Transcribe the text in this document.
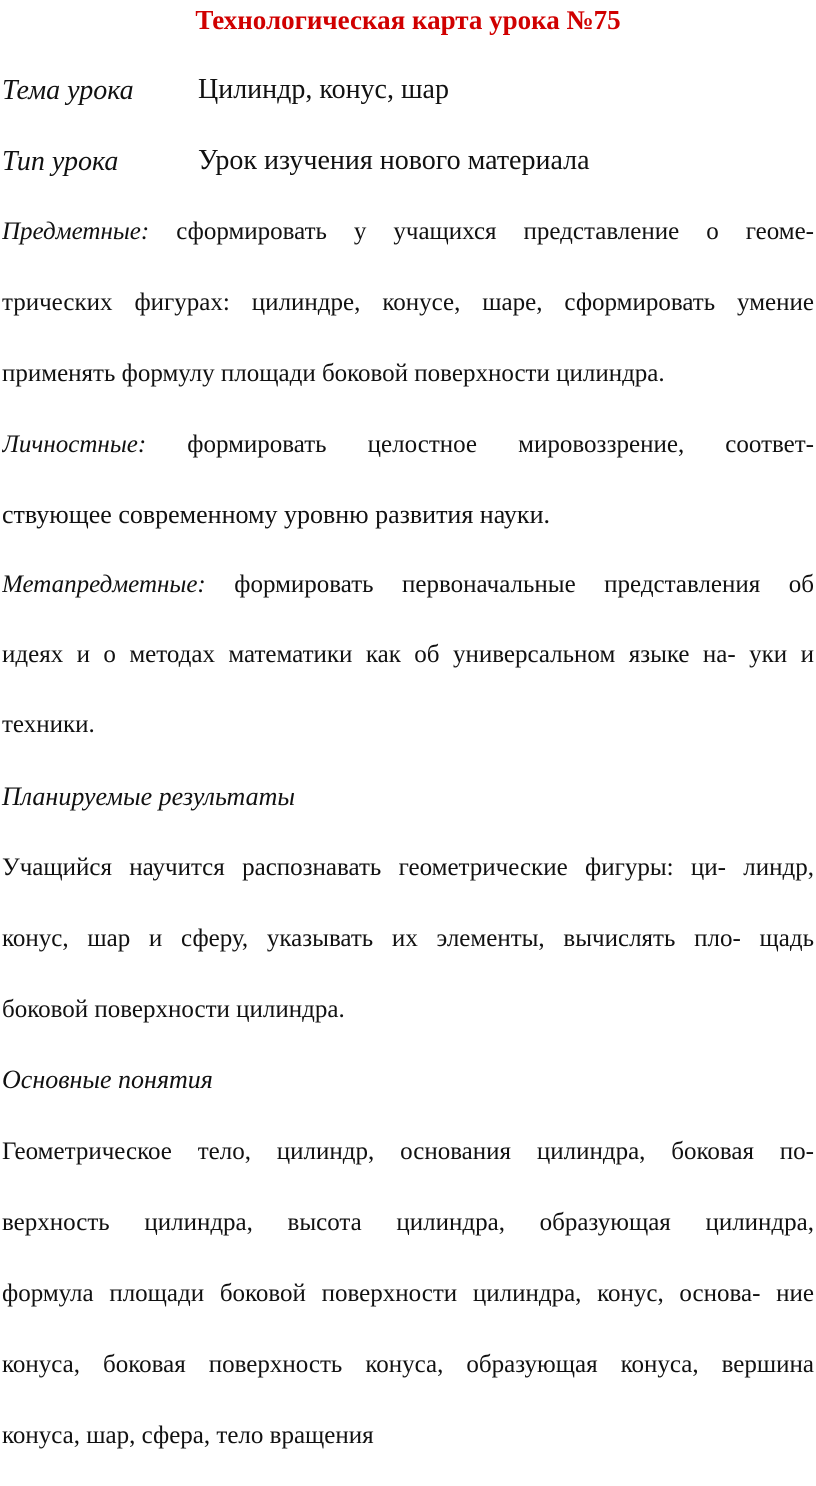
Технологическая карта урока №75
Тема урока Цилиндр, конус, шар
Тип урока	Урок изучения нового материала
Предметные: сформировать у учащихся представление о геоме-
трических фигурах: цилиндре, конусе, шаре, сформировать умение
применять формулу площади боковой поверхности цилиндра.
Личностные: формировать целостное мировоззрение, соответ-
ствующее современному уровню развития науки.
Метапредметные: формировать первоначальные представления об
идеях и о методах математики как об универсальном языке на- уки и
техники.
Планируемые результаты
Учащийся научится распознавать геометрические фигуры: ци- линдр,
конус, шар и сферу, указывать их элементы, вычислять пло- щадь
боковой поверхности цилиндра.
Основные понятия
Геометрическое тело, цилиндр, основания цилиндра, боковая по-
верхность цилиндра, высота цилиндра, образующая цилиндра,
формула площади боковой поверхности цилиндра, конус, основа- ние
конуса, боковая поверхность конуса, образующая конуса, вершина
конуса, шар, сфера, тело вращения
